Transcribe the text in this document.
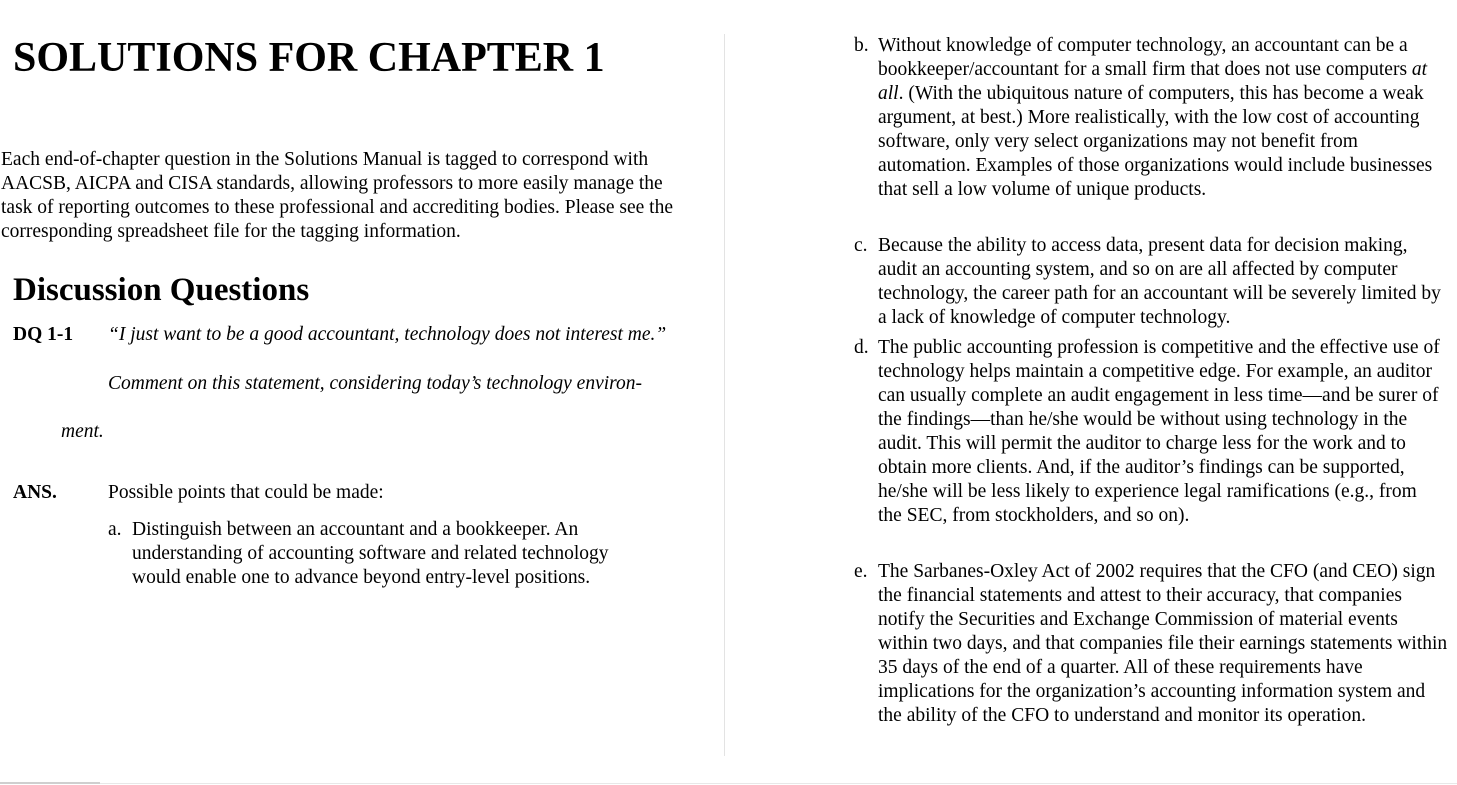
SOLUTIONS FOR CHAPTER 1
Each end-of-chapter question in the Solutions Manual is tagged to correspond with AACSB, AICPA and CISA standards, allowing professors to more easily manage the task of reporting outcomes to these professional and accrediting bodies. Please see the corresponding spreadsheet file for the tagging information.
Discussion Questions
DQ 1-1 “I just want to be a good accountant, technology does not interest me.”
Comment on this statement, considering today’s technology environ-
ment.
ANS.	Possible points that could be made:
a. Distinguish between an accountant and a bookkeeper. An understanding of accounting software and related technology would enable one to advance beyond entry-level positions.
b. Without knowledge of computer technology, an accountant can be a bookkeeper/accountant for a small firm that does not use computers at all. (With the ubiquitous nature of computers, this has become a weak argument, at best.) More realistically, with the low cost of accounting software, only very select organizations may not benefit from automation. Examples of those organizations would include businesses that sell a low volume of unique products.
c. Because the ability to access data, present data for decision making, audit an accounting system, and so on are all affected by computer technology, the career path for an accountant will be severely limited by a lack of knowledge of computer technology.
d. The public accounting profession is competitive and the effective use of technology helps maintain a competitive edge. For example, an auditor can usually complete an audit engagement in less time—and be surer of the findings—than he/she would be without using technology in the audit. This will permit the auditor to charge less for the work and to obtain more clients. And, if the auditor’s findings can be supported, he/she will be less likely to experience legal ramifications (e.g., from the SEC, from stockholders, and so on).
e. The Sarbanes-Oxley Act of 2002 requires that the CFO (and CEO) sign the financial statements and attest to their accuracy, that companies notify the Securities and Exchange Commission of material events within two days, and that companies file their earnings statements within 35 days of the end of a quarter. All of these requirements have implications for the organization’s accounting information system and the ability of the CFO to understand and monitor its operation.
